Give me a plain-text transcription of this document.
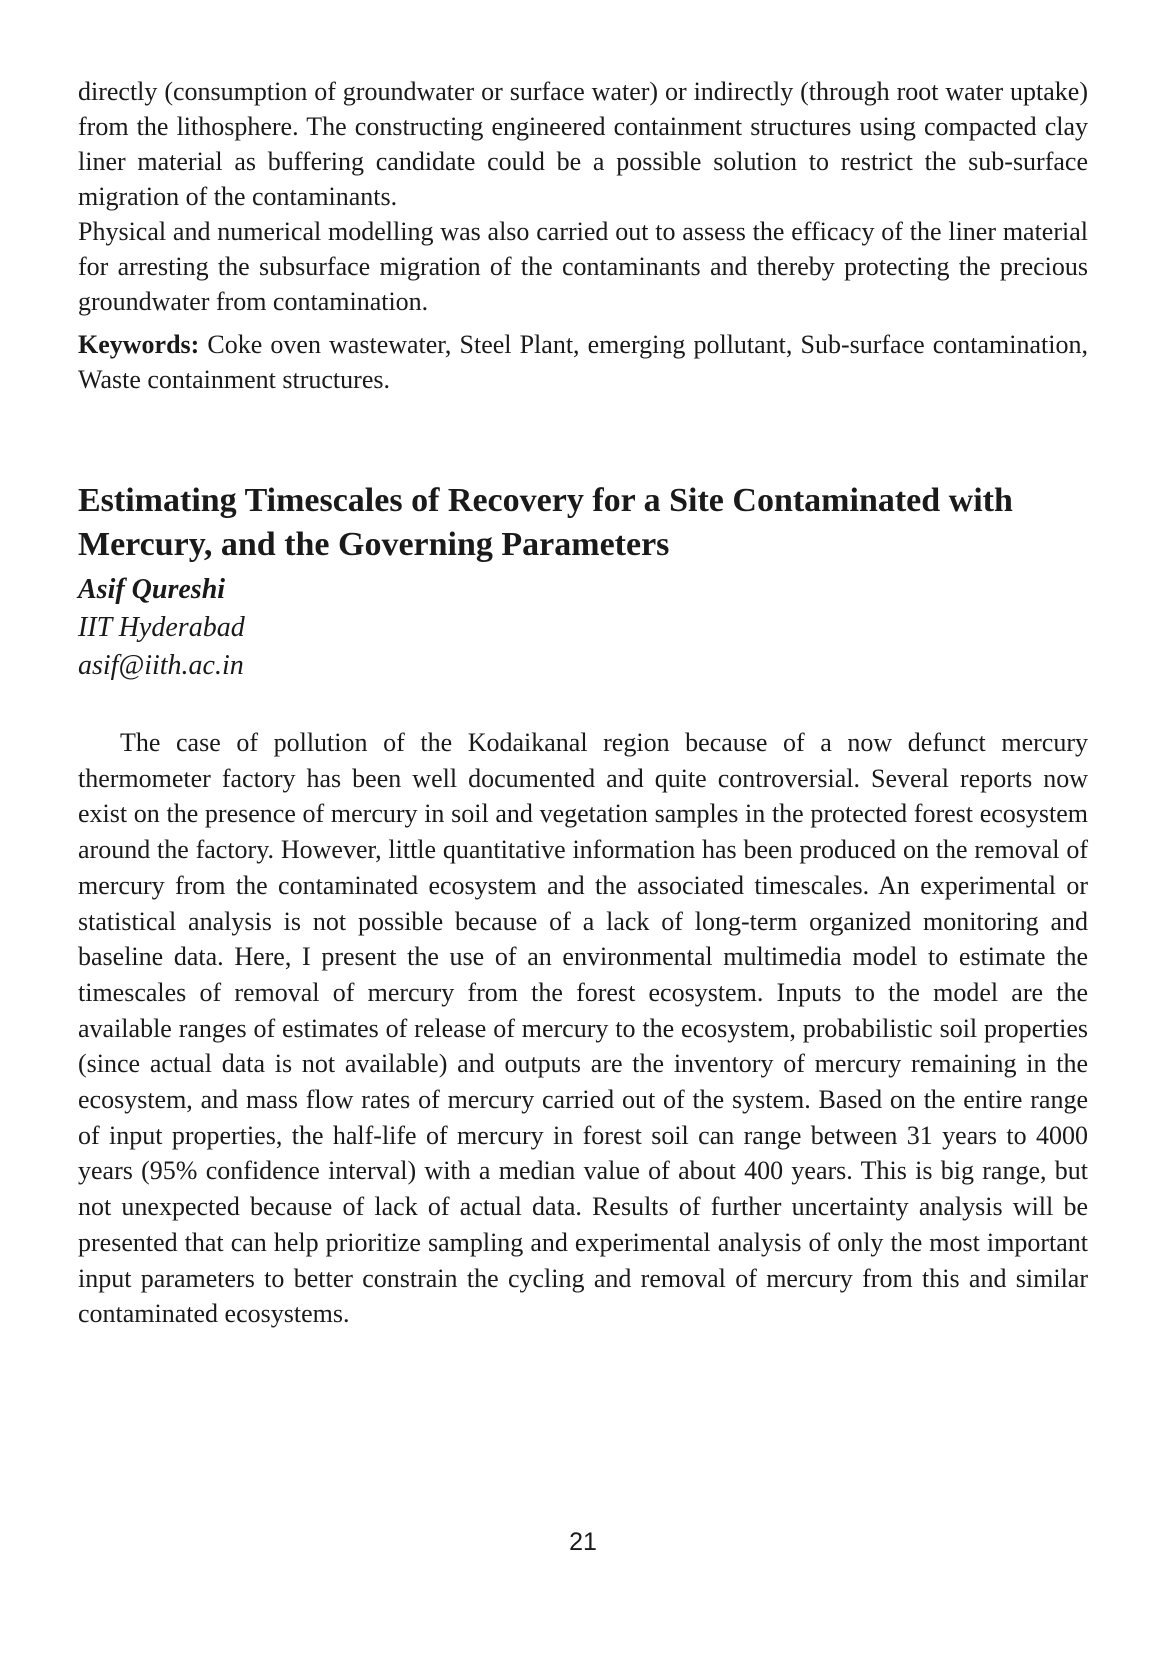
directly (consumption of groundwater or surface water) or indirectly (through root water uptake) from the lithosphere. The constructing engineered containment structures using compacted clay liner material as buffering candidate could be a possible solution to restrict the sub-surface migration of the contaminants.

Physical and numerical modelling was also carried out to assess the efficacy of the liner material for arresting the subsurface migration of the contaminants and thereby protecting the precious groundwater from contamination.

Keywords: Coke oven wastewater, Steel Plant, emerging pollutant, Sub-surface contamination, Waste containment structures.

Estimating Timescales of Recovery for a Site Contaminated with Mercury, and the Governing Parameters
Asif Qureshi
IIT Hyderabad
asif@iith.ac.in

The case of pollution of the Kodaikanal region because of a now defunct mercury thermometer factory has been well documented and quite controversial. Several reports now exist on the presence of mercury in soil and vegetation samples in the protected forest ecosystem around the factory. However, little quantitative information has been produced on the removal of mercury from the contaminated ecosystem and the associated timescales. An experimental or statistical analysis is not possible because of a lack of long-term organized monitoring and baseline data. Here, I present the use of an environmental multimedia model to estimate the timescales of removal of mercury from the forest ecosystem. Inputs to the model are the available ranges of estimates of release of mercury to the ecosystem, probabilistic soil properties (since actual data is not available) and outputs are the inventory of mercury remaining in the ecosystem, and mass flow rates of mercury carried out of the system. Based on the entire range of input properties, the half-life of mercury in forest soil can range between 31 years to 4000 years (95% confidence interval) with a median value of about 400 years. This is big range, but not unexpected because of lack of actual data. Results of further uncertainty analysis will be presented that can help prioritize sampling and experimental analysis of only the most important input parameters to better constrain the cycling and removal of mercury from this and similar contaminated ecosystems.

21
